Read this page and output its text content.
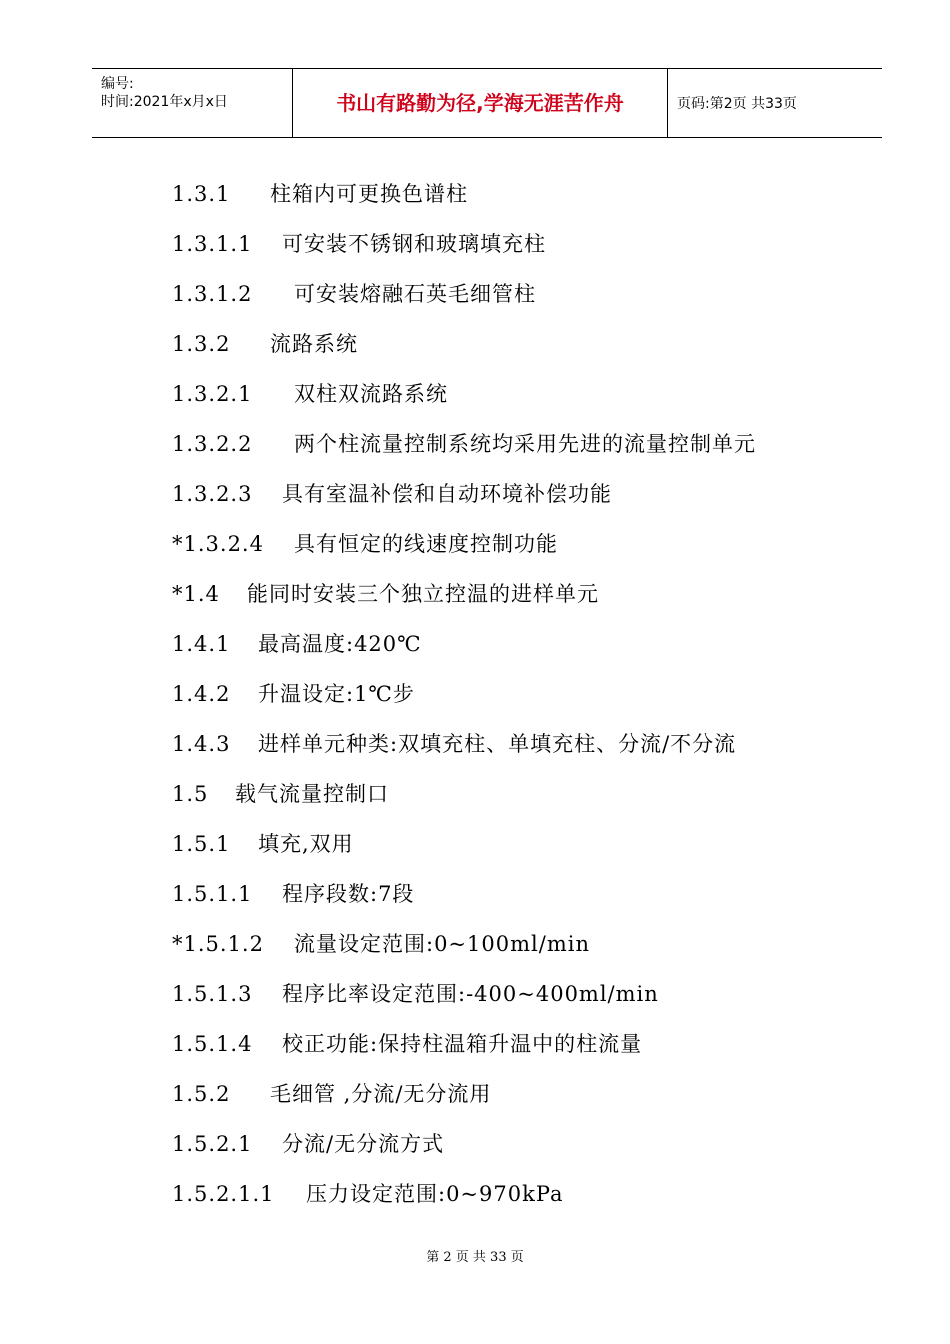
编号:
时间:2021年x月x日	书山有路勤为径,学海无涯苦作舟	页码:第2页 共33页
1.3.1 柱箱内可更换色谱柱
1.3.1.1 可安装不锈钢和玻璃填充柱
1.3.1.2 可安装熔融石英毛细管柱
1.3.2 流路系统
1.3.2.1 双柱双流路系统
1.3.2.2 两个柱流量控制系统均采用先进的流量控制单元
1.3.2.3 具有室温补偿和自动环境补偿功能
*1.3.2.4 具有恒定的线速度控制功能
*1.4 能同时安装三个独立控温的进样单元
1.4.1 最高温度:420℃
1.4.2 升温设定:1℃步
1.4.3 进样单元种类:双填充柱、单填充柱、分流/不分流
1.5 载气流量控制口
1.5.1 填充,双用
1.5.1.1 程序段数:7段
*1.5.1.2 流量设定范围:0~100ml/min
1.5.1.3 程序比率设定范围:-400~400ml/min
1.5.1.4 校正功能:保持柱温箱升温中的柱流量
1.5.2 毛细管 ,分流/无分流用
1.5.2.1 分流/无分流方式
1.5.2.1.1 压力设定范围:0~970kPa
第 2 页 共 33 页
